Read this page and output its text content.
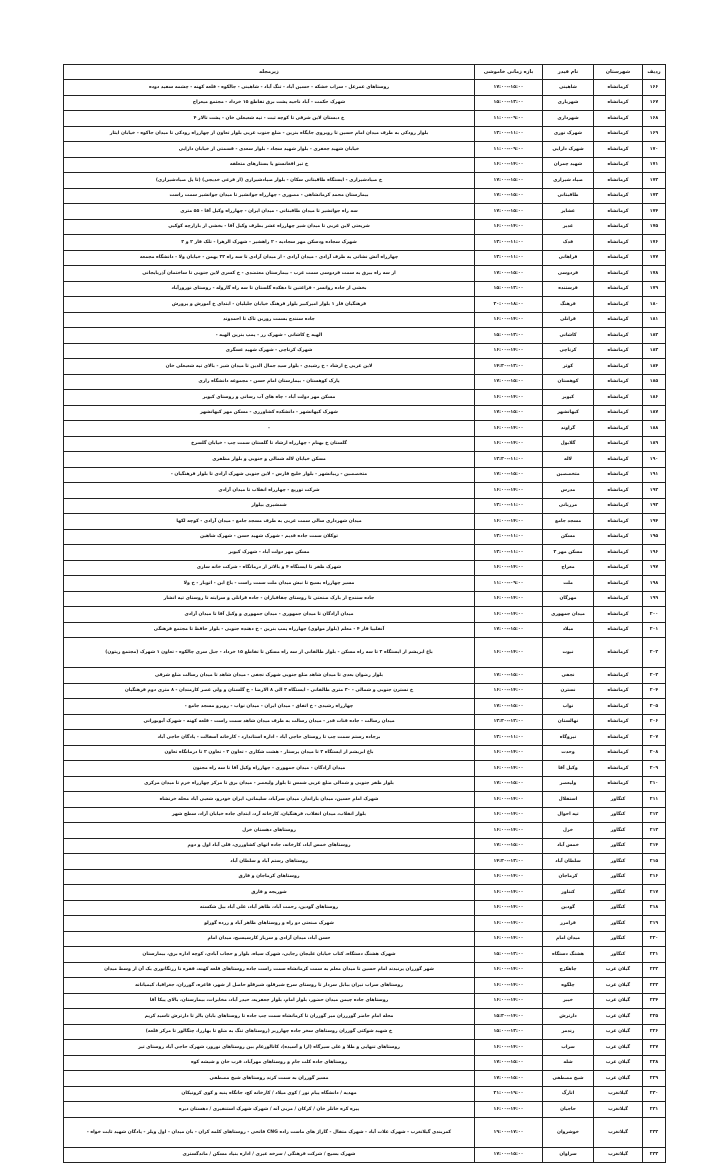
ردیف	شهرستان	نام فیدر	بازه زمانی خاموشی	زیرمجله
۱۶۶	کرمانشاه	شاهینی	۱۵:۰۰--۱۷:۰۰	روستاهای عمرعل - سراب خشکه - حسین آباد - تنگ آباد - شاهینی - جالکوه - قلعه کهنه - چشمه سفید دوده
۱۶۷	کرمانشاه	شهریاری	۱۳:۰۰--۱۵:۰۰	شهرک حکمت - آباد ناحیه پشت برق تقاطع ۱۵ خرداد - مجتمع میعراج
۱۶۸	کرمانشاه	شهرداری	۰۹:۰۰--۱۱:۰۰	خ دبستان لاین شرقی تا کوچه ثبت - تپه شعبعلی خان - پشت تالار ۴
۱۶۹	کرمانشاه	شهرک نوری	۱۱:۰۰--۱۳:۰۰	بلوار رودکی به طرف میدان امام حسین تا روبروی جایگاه بنزین - ضلع جنوب غربی بلوار تعاون از چهارراه رودکی تا میدان جاکوه - خیابان ایثار
۱۷۰	کرمانشاه	شهرک دارایی	۰۹:۰۰--۱۱:۰۰	خیابان شهید جعفری - بلوار شهید سجاد - بلوار سعدی - قسمتی از خیابان دارایی
۱۷۱	کرمانشاه	شهید چمران	۱۴:۰۰--۱۶:۰۰	خ تیر افغانستو یا بستارهای متعلقه
۱۷۲	کرمانشاه	صیاد شیرازی	۱۵:۰۰--۱۷:۰۰	خ صیادشیرازی - ایستگاه طاقبتانی سکان - بلوار صیادشیرازی (از فرعی خدیجی) (تا پل صیادشیرازی)
۱۷۳	کرمانشاه	طاقبتانی	۱۵:۰۰--۱۷:۰۰	بیمارستان محمد کرمانشاهی - مصوری - چهارراه جوانشیر تا میدان جوانشیر سمت راست
۱۷۴	کرمانشاه	عشایر	۱۵:۰۰--۱۷:۰۰	سه راه جوانشیر تا میدان طاقبتانی - میدان ایران - چهارراه وکیل آقا - ۵۵ متری
۱۷۵	کرمانشاه	غدیر	۱۴:۰۰--۱۶:۰۰	شریعتی لاین غربی تا میدان شیر چهارراه عشر بطرف وکیل آقا - بخشی از بازارچه کوکبی
۱۷۶	کرمانشاه	فدک	۱۱:۰۰--۱۳:۰۰	شهرک سجاده ودسکن مهر سجادیه - ۲ راهشیر - شهرک الزهرا - تلک فاز ۲ و ۳
۱۷۷	کرمانشاه	فراهانی	۱۱:۰۰--۱۳:۰۰	چهارراه آتش نشانی به طرف آزادی - میدان آزادی - از میدان آزادی تا سه راه ۲۲ بهمن - خیابان ولا - دانشگاه مجمعه
۱۷۸	کرمانشاه	فردوسی	۱۵:۰۰--۱۷:۰۰	از سه راه بیرق به سمت فردوسی سمت غرب - بیمارستان معتضدی - خ کسری لاین جنوبی تا ساختمان آذربایجانی
۱۷۹	کرمانشاه	فرستنده	۱۳:۰۰--۱۵:۰۰	بخشی از جاده روانسر - فراغتین تا دهکده گلستان تا سه راه گاروله - روستای نوروزآباد
۱۸۰	کرمانشاه	فرهنگ	۱۸:۰۰--۲۰:۰۰	فرهنگیان فاز ۱ بلوار امیرکبیر بلوار فرهنگ خیابان جلیلیان - ابتدای خ آموزش و پرورش
۱۸۱	کرمانشاه	قزانلی	۱۴:۰۰--۱۶:۰۰	جاده سنندج بسمت روزین تاک تا احمدوند
۱۸۲	کرمانشاه	کاشانی	۱۳:۰۰--۱۵:۰۰	الهیه خ کاشانی - شهرک رز - پمپ بنزین الهیه -
۱۸۳	کرمانشاه	کرناچی	۱۴:۰۰--۱۶:۰۰	شهرک کرناچی - شهرک شهید عسگری
۱۸۴	کرمانشاه	کوثر	۱۳:۰۰--۱۴:۳۰	لاین غربی خ ارشاد - خ رشیدی - بلوار سید جمال الدین تا میدان شیر - بالای تپه شعبعلی خان
۱۸۵	کرمانشاه	کوهستان	۱۵:۰۰--۱۷:۰۰	پارک کوهستان - بیمارستان امام حسن - مجموعه دانشگاه رازی
۱۸۶	کرمانشاه	کیوبز	۱۴:۰۰--۱۶:۰۰	مسکن مهر دولت آباد - چاه های آب رسانی و روستای کیوبز
۱۸۷	کرمانشاه	کیهانشهر	۱۵:۰۰--۱۷:۰۰	شهرک کیهانشهر - دانشکده کشاورزی - مسکن مهر کیهانشهر
۱۸۸	کرمانشاه	گراوند	۱۴:۰۰--۱۶:۰۰	-
۱۸۹	کرمانشاه	گلابول	۱۴:۰۰--۱۶:۰۰	گلستان خ بهنام - چهارراه ارشاد تا گلستان سمت چپ - خیابان گلسرخ
۱۹۰	کرمانشاه	لاله	۱۱:۰۰--۱۳:۳۰	مسکن خیابان لاله شمالی و جنوبی و بلوار مظفری
۱۹۱	کرمانشاه	متخصصین	۱۵:۰۰--۱۷:۰۰	متخصصین - زیبانشهر - بلوار خلیج فارس - لاین جنوبی شهرک آزادی تا بلوار فرهنگیان -
۱۹۲	کرمانشاه	مدرس	۱۴:۰۰--۱۶:۰۰	شرکت توزیع - چهارراه انقلاب تا میدان آزادی
۱۹۳	کرمانشاه	مرزبانی	۱۱:۰۰--۱۳:۰۰	شمشیری بیلوار
۱۹۴	کرمانشاه	مسجد جامع	۱۴:۰۰--۱۶:۰۰	میدان شهرداری سالی سمت غربی به طرف مسجد جامع - میدان آزادی - کوچه لکها
۱۹۵	کرمانشاه	مسکن	۱۱:۰۰--۱۳:۰۰	توکلان سمت جاده قدیم - شهرک شهید حسن - شهرک شاهین
۱۹۶	کرمانشاه	مسکن مهر ۲	۱۱:۰۰--۱۳:۰۰	مسکن مهر دولت آباد - شهرک کیوبز
۱۹۷	کرمانشاه	معراج	۱۴:۰۰--۱۶:۰۰	شهرک ظفر تا ایستگاه ۴ و بالاتر از درمانگاه - شرکت خانه سازی
۱۹۸	کرمانشاه	ملت	۰۹:۰۰--۱۱:۰۰	مسیر چهارراه بسیج تا نبش میدان ملت سمت راست - باغ ابن - اتوبار - خ ولا
۱۹۹	کرمانشاه	مهرگان	۱۴:۰۰--۱۶:۰۰	جاده سنندج از بارک صنعتی تا روستای چقاقباران - جاده قزانلی و سرایته تا روستای تپه انشار
۲۰۰	کرمانشاه	میدان جمهوری	۱۴:۰۰--۱۶:۰۰	میدان آزادگان تا میدان جمهوری - میدان جمهوری و وکیل آقا تا میدان آزادی
۲۰۱	کرمانشاه	میلاد	۱۵:۰۰--۱۷:۰۰	آنقلبیا فاز ۴ - معلم (بلوار مولوی) چهارراه پمپ بنزین - خ دهنده جنوبی - بلوار حافظ تا مجتمع فرهنگی
۲۰۲	کرمانشاه	نبوت	۱۴:۰۰--۱۶:۰۰	باغ ابریشم از ایستگاه ۲ تا سه راه مسکن - بلوار طالقانی از سه راه مسکن تا تقاطع ۱۵ خرداد - جبل سری چالکوه - تعاون ۱ شهرک (مجتمع زیتون)
۲۰۳	کرمانشاه	نجفی	۱۵:۰۰--۱۷:۰۰	بلوار رضوان بعدی تا میدان شاهد ضلع جنوبی شهرک نجفی - میدان شاهد تا میدان رسالت ضلع شرقی
۲۰۴	کرمانشاه	نسترن	۱۴:۰۰--۱۶:۰۰	خ نسترن جنوبی و شمالی - ۳۰ متری طالقانی - ایستگاه ۲ الی ۸ الارضا - خ گلستان و ولی عصر کارمندان - ۸ متری دوم فرهنگیان
۲۰۵	کرمانشاه	نواب	۱۵:۰۰--۱۷:۰۰	چهارراه رشیدی - خ اتفاق - میدان ایران - میدان نواب - روبرو مسجد جامع -
۲۰۶	کرمانشاه	نهالستان	۱۲:۰۰--۱۳:۳۰	میدان رسالت - جاده قنات قدر - میدان رسالت به طرف میدان شاهد سمت راست - قلعه کهنه - شهرک آبوبورانی
۲۰۷	کرمانشاه	نیروگاه	۱۱:۰۰--۱۳:۰۰	برجاده رستم سمت چپ تا روستای حاجی آباد - اداره استاندارد - کارخانه آسفالت - پادگان حاجی آباد
۲۰۸	کرمانشاه	وحدت	۱۴:۰۰--۱۶:۰۰	باغ ابریشم از ایستگاه ۳ تا میدان پرستار - هشت شکاری - تعاون ۳ - تعاون ۲ تا درمانگاه تعاون
۲۰۹	کرمانشاه	وکیل آقا	۱۴:۰۰--۱۶:۰۰	میدان آزادگان - میدان جمهوری - چهارراه وکیل آقا تا سه راه مجنون
۲۱۰	کرمانشاه	ولیعصر	۱۵:۰۰--۱۷:۰۰	بلوار ظفر جنوبی و شمالی ضلع غربی شمس تا بلوار ولیعصر - میدان برق تا مرکز چهارراه خرم تا میدان مرکزی
۲۱۱	کنگاور	استقلال	۱۴:۰۰--۱۶:۰۰	شهرک امام حسین، میدان بارانداز، میدان سرآباد، سلیمانی، ایران خودرو، شعبی آباد محله خزنشاه
۲۱۲	کنگاور	تپه احوال	۱۴:۰۰--۱۶:۰۰	بلوار انقلاب، میدان انقلاب، فرهنگیان، کارخانه آرد، ابتدای جاده خیابان آزاد، سطح شهر
۲۱۳	کنگاور	خزل	۱۴:۰۰--۱۶:۰۰	روستاهای دهستان خزل
۲۱۴	کنگاور	خمس آباد	۱۵:۰۰--۱۷:۰۰	روستاهای خمس آباد، کارخانه، جاده اتهای کشاورزی، قلی آباد اول و دوم
۲۱۵	کنگاور	سلطان آباد	۱۳:۰۰--۱۴:۳۰	روستاهای رستم آباد و سلطان آباد
۲۱۶	کنگاور	کرماجان	۱۴:۰۰--۱۶:۰۰	روستاهای کرماجان و فارق
۲۱۷	کنگاور	کنتاوز	۱۴:۰۰--۱۶:۰۰	شوریجه و فارق
۲۱۸	کنگاور	گودین	۱۴:۰۰--۱۶:۰۰	روستاهای گودین، رحمت آباد، ظاهر آباد، علی آباد بیل شکسته
۲۱۹	کنگاور	فرامرز	۱۴:۰۰--۱۶:۰۰	شهرک صنعتی دو راه و روستاهای ظاهر آباد و زرده گوزلو
۲۲۰	کنگاور	میدان امام	۱۴:۰۰--۱۶:۰۰	حسن آباد، میدان آزادی و سرباز کارسیسیج، میدان امام
۲۲۱	کنگاور	هشنگ دستگاه	۱۳:۰۰--۱۵:۰۰	شهرک هشنگ دستگاه، کتاب خیابان علیجان رجایی، شهرک سپاه، بلوار و حجاب آبادی، کوچه اداره برق، بیمارستان
۲۲۲	گیلان غرب	چاهکرچ	۱۴:۰۰--۱۶:۰۰	شهر گوزران پرنبدند امام حسین تا میدان معلم به سمت کرمانشاه سمت راست جاده روستاهای قلعه کهنه، ققره تا زرنگانوری یک آن از وسط میدان
۲۲۳	گیلان غرب	چلگوه	۱۴:۰۰--۱۶:۰۰	روستاهای سراب نیران ببابل سردار تا روستای سرخ شیرقلو، شیرقلو حاصل از شهر، قاغره، گورزان، جغرافیا، کیمیانانه
۲۲۴	گیلان غرب	خیبر	۱۴:۰۰--۱۶:۰۰	روستاهای جاده چیمن میدان حضور، بلوار امام، بلوار جعفریه، حیدر آباد، مخابرات، بیمارستان، بالای پیکا آقا
۲۲۵	گیلان غرب	دارترش	۱۴:۰۰--۱۵:۳۰	محله امام حاضر گوزرزان میر گوزران تا کرمانشاه سمت چپ جاده تا روستاهای بابان بالر تا دارترش تاسید کریم
۲۲۶	گیلان غرب	زندمر	۱۳:۰۰--۱۵:۰۰	خ شهید شوکتی گوزران روستاهای سخر جاده چهارزبر (روستاهای تنگ به ضلع تا بهارزا، چنگالور تا مرکز قلعه)
۲۲۷	گیلان غرب	سراب	۱۴:۰۰--۱۶:۰۰	روستاهای تنهایی و طلا و علی سیرگاه (ارا و آسیده)، کانالوزعام بین روستاهای نوروز، شهرک حاجی آباد روستای تیر
۲۲۸	گیلان غرب	شله	۱۵:۰۰--۱۷:۰۰	روستاهای جاده کلت جام و روستاهای مهرآباد، قرب خان و شیشه کوه
۲۲۹	گیلان غرب	شیخ مصطفی	۱۵:۰۰--۱۷:۰۰	مسیر گوزران به سمت کرند روستاهای شیخ مصطفی
۲۳۰	گیلانغرب	اتارگ	۱۹:۰۰--۲۱:۰۰	مهدیه / دانشگاه پیام نور / کوی میلاد / کارخانه کچ، جانگاه پنبه و کوی کرونیکان
۲۳۱	گیلانغرب	حاجیان	۱۴:۰۰--۱۶:۰۰	پیره کره خانلر خان / کرکان / مربی آنه / شهرک شهرک استنقیری / دهستان دیره
۲۳۲	گیلانغرب	خوشروان	۱۷:۰۰--۱۹:۰۰	کمربندی گیلانغرب - شهرک علات آباد - شهرک متقال - گاراژ های ماست زاده CNG فاتحی - روستاهای کلمه کران - بان میدان - اول ویلر - پادگان شهید ثابت خواه -
۲۳۳	گیلانغرب	سراوان	۱۵:۰۰--۱۷:۰۰	شهرک بسیج / شرکت فرهنگی / سرخه عیری / اداره بنیاد مسکن / ماندگستری
